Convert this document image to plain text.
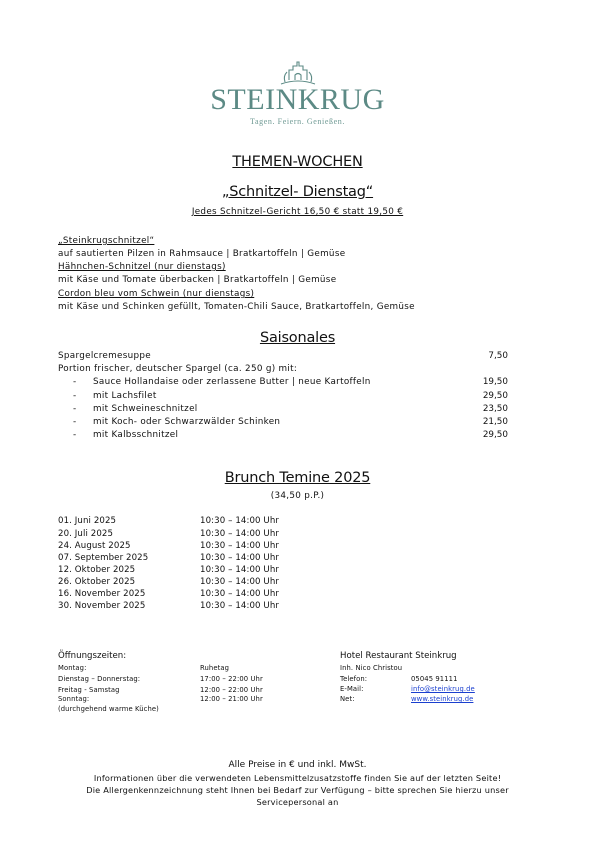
STEINKRUG
Tagen. Feiern. Genießen.
THEMEN-WOCHEN
„Schnitzel- Dienstag“
Jedes Schnitzel-Gericht 16,50 € statt 19,50 €
„Steinkrugschnitzel“
auf sautierten Pilzen in Rahmsauce | Bratkartoffeln | Gemüse
Hähnchen-Schnitzel (nur dienstags)
mit Käse und Tomate überbacken | Bratkartoffeln | Gemüse
Cordon bleu vom Schwein (nur dienstags)
mit Käse und Schinken gefüllt, Tomaten-Chili Sauce, Bratkartoffeln, Gemüse
Saisonales
Spargelcremesuppe	7,50
Portion frischer, deutscher Spargel (ca. 250 g) mit:
- Sauce Hollandaise oder zerlassene Butter | neue Kartoffeln	19,50
- mit Lachsfilet	29,50
- mit Schweineschnitzel	23,50
- mit Koch- oder Schwarzwälder Schinken	21,50
- mit Kalbsschnitzel	29,50
Brunch Temine 2025
(34,50 p.P.)
01. Juni 2025	10:30 – 14:00 Uhr
20. Juli 2025	10:30 – 14:00 Uhr
24. August 2025	10:30 – 14:00 Uhr
07. September 2025	10:30 – 14:00 Uhr
12. Oktober 2025	10:30 – 14:00 Uhr
26. Oktober 2025	10:30 – 14:00 Uhr
16. November 2025	10:30 – 14:00 Uhr
30. November 2025	10:30 – 14:00 Uhr
Öffnungszeiten:
Montag:	Ruhetag
Dienstag – Donnerstag:	17:00 – 22:00 Uhr
Freitag - Samstag	12:00 – 22:00 Uhr
Sonntag:	12:00 – 21:00 Uhr
(durchgehend warme Küche)
Hotel Restaurant Steinkrug
Inh. Nico Christou
Telefon:	05045 91111
E-Mail:	info@steinkrug.de
Net:	www.steinkrug.de
Alle Preise in € und inkl. MwSt.
Informationen über die verwendeten Lebensmittelzusatzstoffe finden Sie auf der letzten Seite!
Die Allergenkennzeichnung steht Ihnen bei Bedarf zur Verfügung – bitte sprechen Sie hierzu unser
Servicepersonal an
